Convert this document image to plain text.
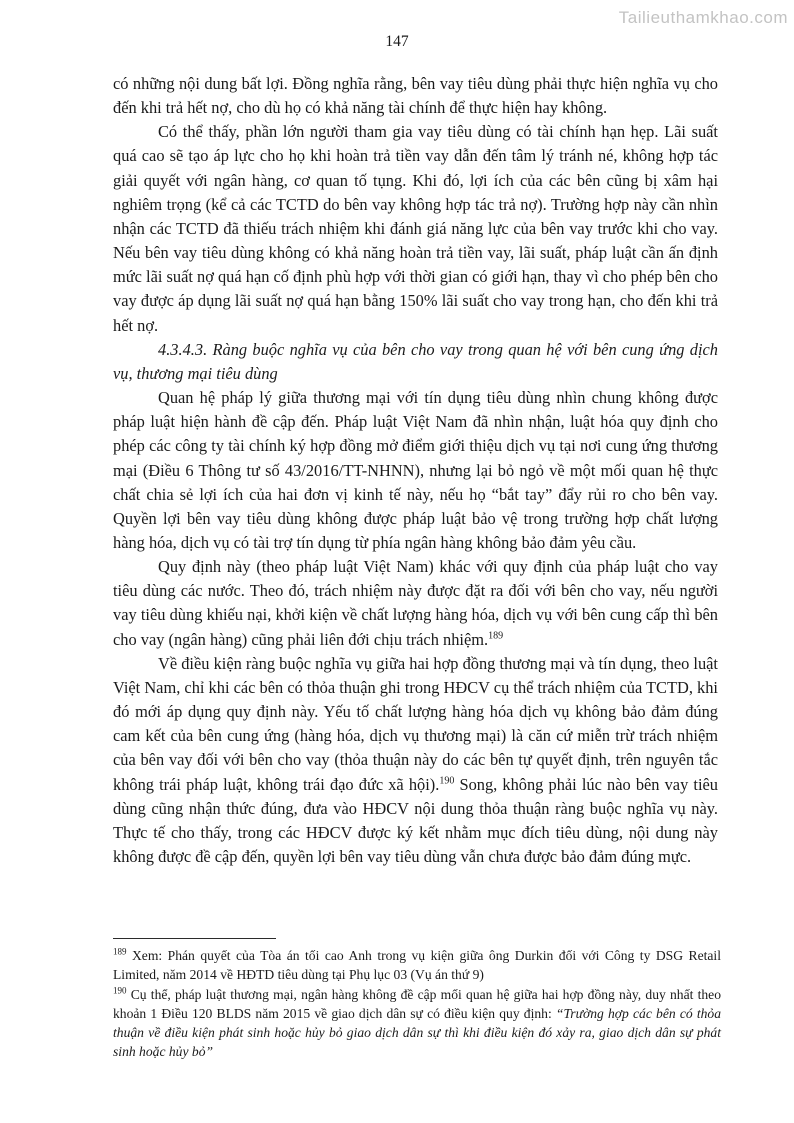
Tailieuthamkhao.com
147

có những nội dung bất lợi. Đồng nghĩa rằng, bên vay tiêu dùng phải thực hiện nghĩa vụ cho đến khi trả hết nợ, cho dù họ có khả năng tài chính để thực hiện hay không.

Có thể thấy, phần lớn người tham gia vay tiêu dùng có tài chính hạn hẹp. Lãi suất quá cao sẽ tạo áp lực cho họ khi hoàn trả tiền vay dẫn đến tâm lý tránh né, không hợp tác giải quyết với ngân hàng, cơ quan tố tụng. Khi đó, lợi ích của các bên cũng bị xâm hại nghiêm trọng (kể cả các TCTD do bên vay không hợp tác trả nợ). Trường hợp này cần nhìn nhận các TCTD đã thiếu trách nhiệm khi đánh giá năng lực của bên vay trước khi cho vay. Nếu bên vay tiêu dùng không có khả năng hoàn trả tiền vay, lãi suất, pháp luật cần ấn định mức lãi suất nợ quá hạn cố định phù hợp với thời gian có giới hạn, thay vì cho phép bên cho vay được áp dụng lãi suất nợ quá hạn bằng 150% lãi suất cho vay trong hạn, cho đến khi trả hết nợ.

4.3.4.3. Ràng buộc nghĩa vụ của bên cho vay trong quan hệ với bên cung ứng dịch vụ, thương mại tiêu dùng

Quan hệ pháp lý giữa thương mại với tín dụng tiêu dùng nhìn chung không được pháp luật hiện hành đề cập đến. Pháp luật Việt Nam đã nhìn nhận, luật hóa quy định cho phép các công ty tài chính ký hợp đồng mở điểm giới thiệu dịch vụ tại nơi cung ứng thương mại (Điều 6 Thông tư số 43/2016/TT-NHNN), nhưng lại bỏ ngỏ về một mối quan hệ thực chất chia sẻ lợi ích của hai đơn vị kinh tế này, nếu họ “bắt tay” đẩy rủi ro cho bên vay. Quyền lợi bên vay tiêu dùng không được pháp luật bảo vệ trong trường hợp chất lượng hàng hóa, dịch vụ có tài trợ tín dụng từ phía ngân hàng không bảo đảm yêu cầu.

Quy định này (theo pháp luật Việt Nam) khác với quy định của pháp luật cho vay tiêu dùng các nước. Theo đó, trách nhiệm này được đặt ra đối với bên cho vay, nếu người vay tiêu dùng khiếu nại, khởi kiện về chất lượng hàng hóa, dịch vụ với bên cung cấp thì bên cho vay (ngân hàng) cũng phải liên đới chịu trách nhiệm.$^{189}$

Về điều kiện ràng buộc nghĩa vụ giữa hai hợp đồng thương mại và tín dụng, theo luật Việt Nam, chỉ khi các bên có thỏa thuận ghi trong HĐCV cụ thể trách nhiệm của TCTD, khi đó mới áp dụng quy định này. Yếu tố chất lượng hàng hóa dịch vụ không bảo đảm đúng cam kết của bên cung ứng (hàng hóa, dịch vụ thương mại) là căn cứ miễn trừ trách nhiệm của bên vay đối với bên cho vay (thỏa thuận này do các bên tự quyết định, trên nguyên tắc không trái pháp luật, không trái đạo đức xã hội).$^{190}$ Song, không phải lúc nào bên vay tiêu dùng cũng nhận thức đúng, đưa vào HĐCV nội dung thỏa thuận ràng buộc nghĩa vụ này. Thực tế cho thấy, trong các HĐCV được ký kết nhằm mục đích tiêu dùng, nội dung này không được đề cập đến, quyền lợi bên vay tiêu dùng vẫn chưa được bảo đảm đúng mực.

$^{189}$ Xem: Phán quyết của Tòa án tối cao Anh trong vụ kiện giữa ông Durkin đối với Công ty DSG Retail Limited, năm 2014 về HĐTD tiêu dùng tại Phụ lục 03 (Vụ án thứ 9)

$^{190}$ Cụ thể, pháp luật thương mại, ngân hàng không đề cập mối quan hệ giữa hai hợp đồng này, duy nhất theo khoản 1 Điều 120 BLDS năm 2015 về giao dịch dân sự có điều kiện quy định: “Trường hợp các bên có thỏa thuận về điều kiện phát sinh hoặc hủy bỏ giao dịch dân sự thì khi điều kiện đó xảy ra, giao dịch dân sự phát sinh hoặc hủy bỏ”
